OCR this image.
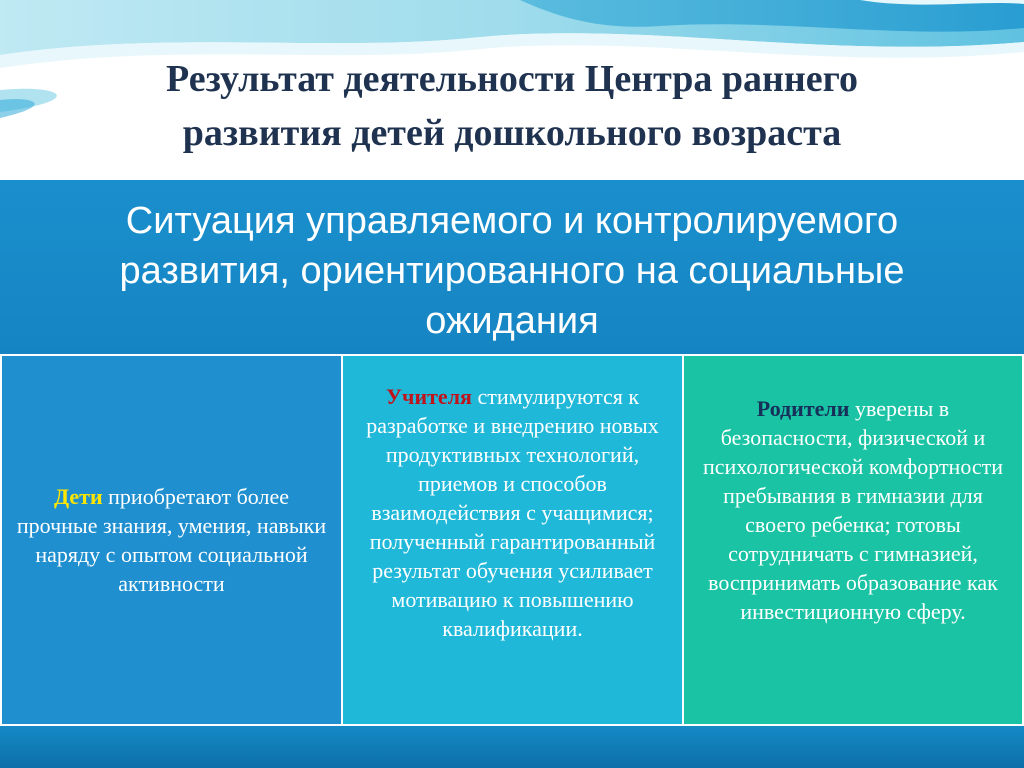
Результат деятельности Центра раннего
развития детей дошкольного возраста
Ситуация управляемого и контролируемого
развития, ориентированного на социальные
ожидания
Дети приобретают более прочные знания, умения, навыки наряду с опытом социальной активности
Учителя стимулируются к разработке и внедрению новых продуктивных технологий, приемов и способов взаимодействия с учащимися; полученный гарантированный результат обучения усиливает мотивацию к повышению квалификации.
Родители уверены в безопасности, физической и психологической комфортности пребывания в гимназии для своего ребенка; готовы сотрудничать с гимназией, воспринимать образование как инвестиционную сферу.
